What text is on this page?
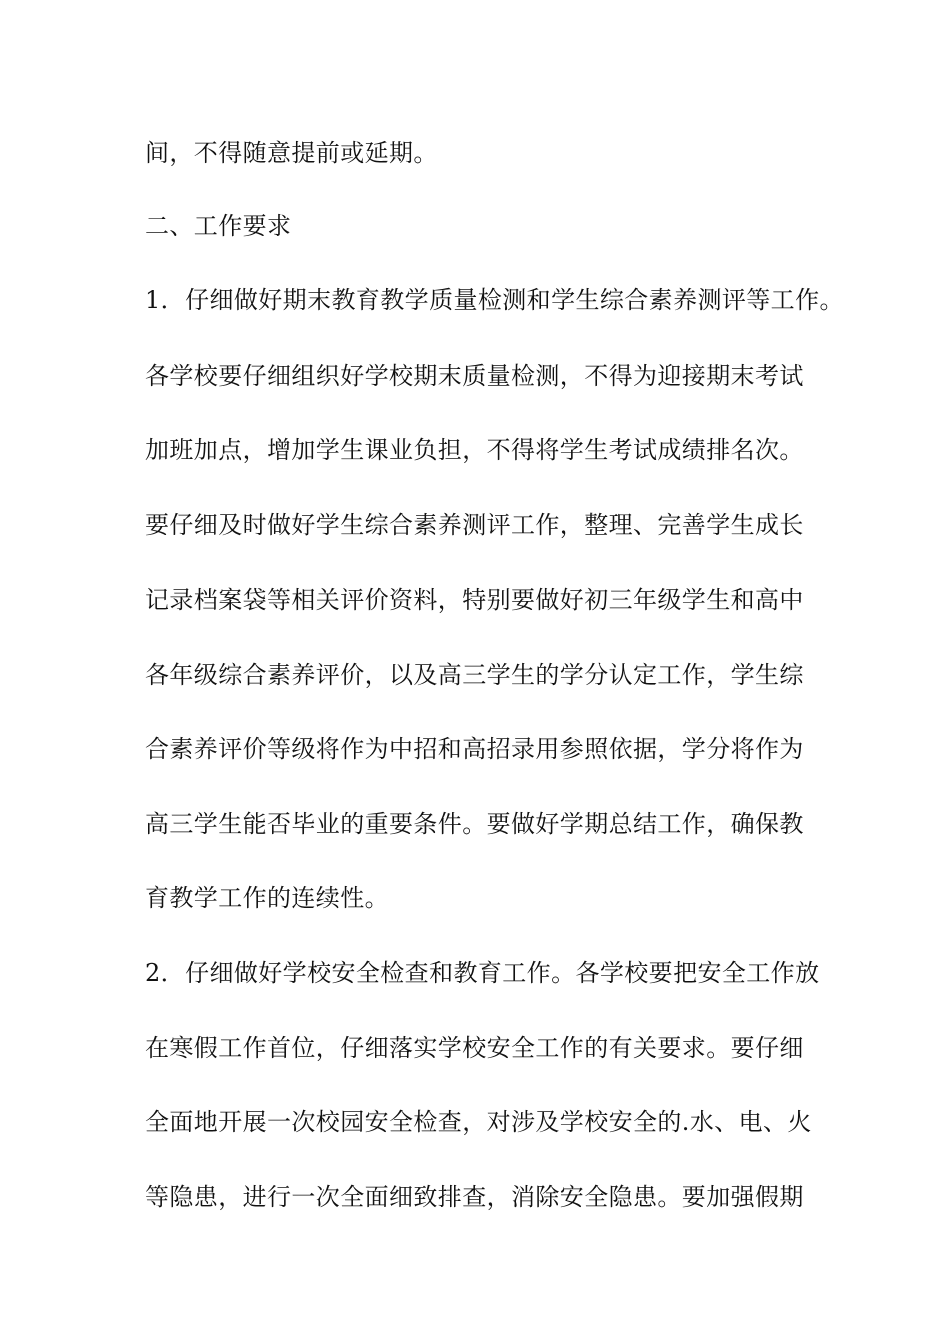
间，不得随意提前或延期。
二、工作要求
1．仔细做好期末教育教学质量检测和学生综合素养测评等工作。
各学校要仔细组织好学校期末质量检测，不得为迎接期末考试
加班加点，增加学生课业负担，不得将学生考试成绩排名次。
要仔细及时做好学生综合素养测评工作，整理、完善学生成长
记录档案袋等相关评价资料，特别要做好初三年级学生和高中
各年级综合素养评价，以及高三学生的学分认定工作，学生综
合素养评价等级将作为中招和高招录用参照依据，学分将作为
高三学生能否毕业的重要条件。要做好学期总结工作，确保教
育教学工作的连续性。
2．仔细做好学校安全检查和教育工作。各学校要把安全工作放
在寒假工作首位，仔细落实学校安全工作的有关要求。要仔细
全面地开展一次校园安全检查，对涉及学校安全的.水、电、火
等隐患，进行一次全面细致排查，消除安全隐患。要加强假期
